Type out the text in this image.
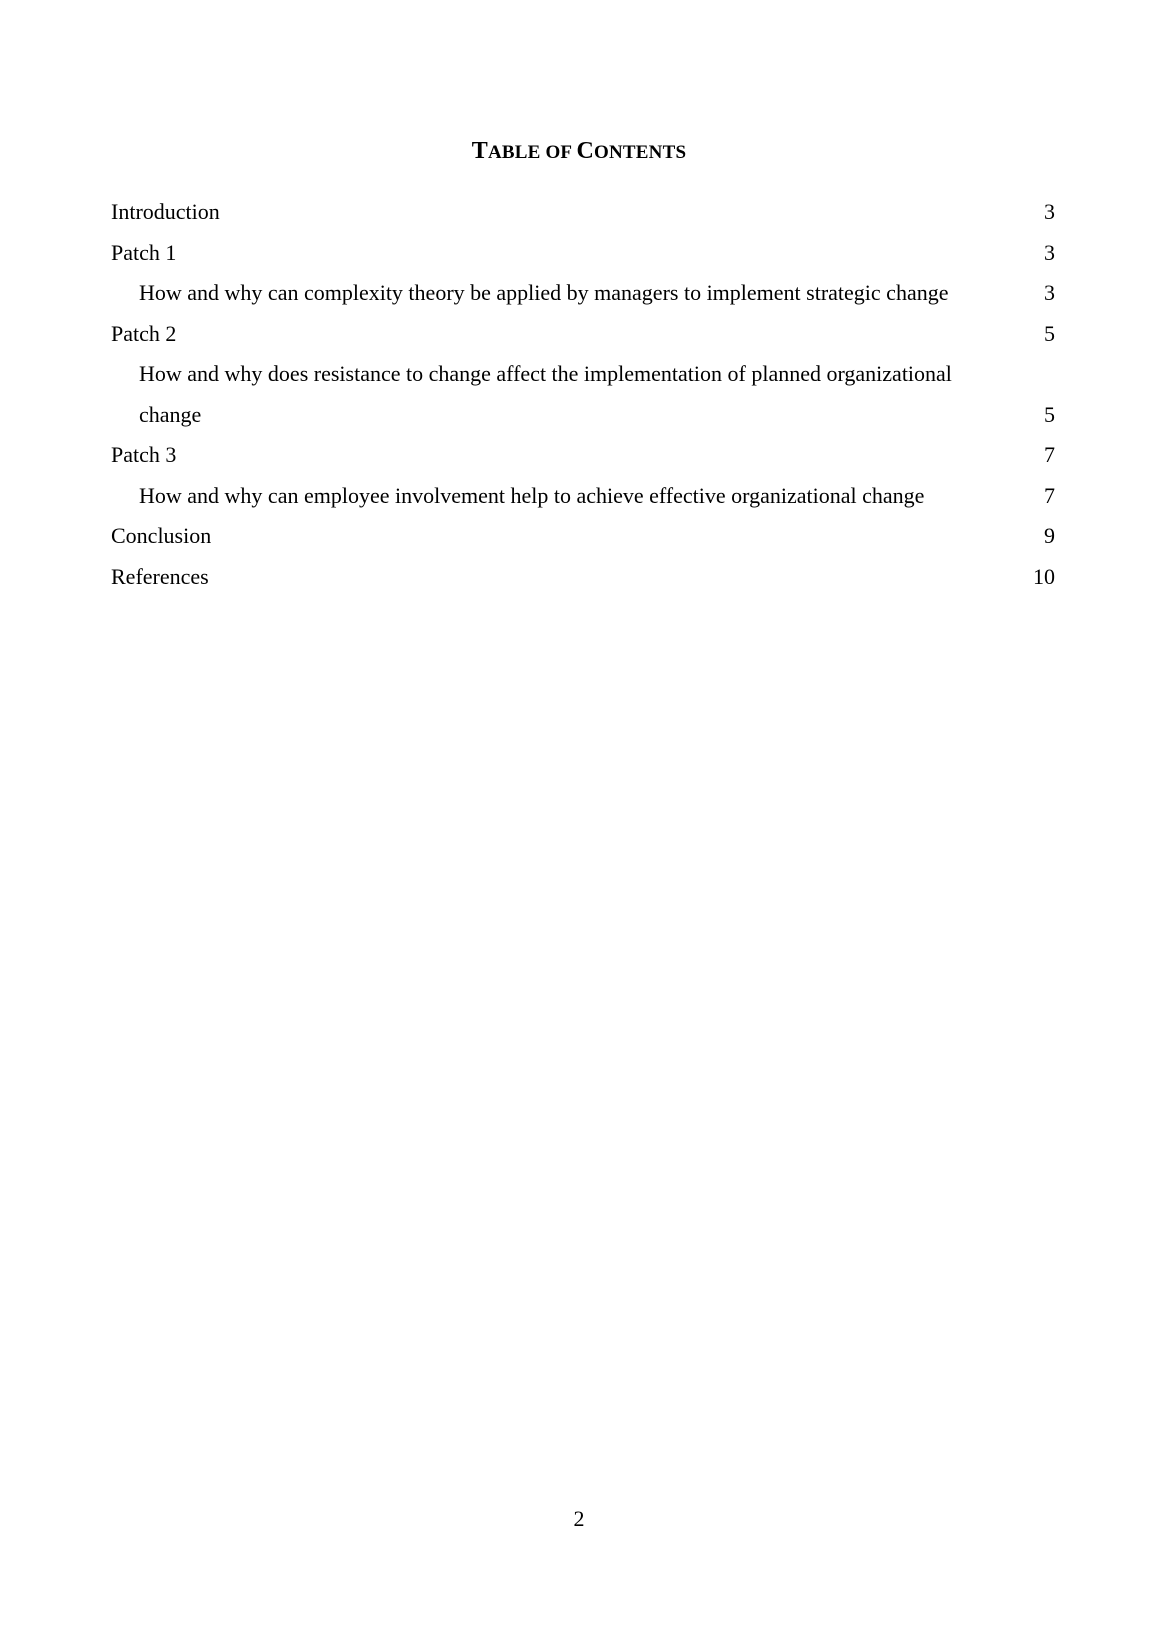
TABLE OF CONTENTS
Introduction	3
Patch 1	3
How and why can complexity theory be applied by managers to implement strategic change	3
Patch 2	5
How and why does resistance to change affect the implementation of planned organizational
change	5
Patch 3	7
How and why can employee involvement help to achieve effective organizational change	7
Conclusion	9
References	10
2
